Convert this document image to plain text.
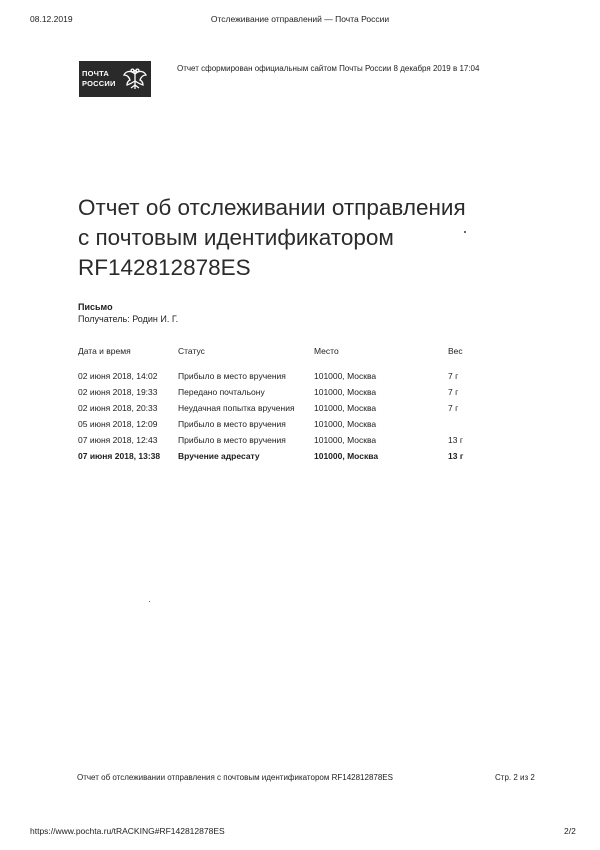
08.12.2019	Отслеживание отправлений — Почта России
ПОЧТА
РОССИИ
Отчет сформирован официальным сайтом Почты России 8 декабря 2019 в 17:04
Отчет об отслеживании отправления
с почтовым идентификатором
RF142812878ES
Письмо
Получатель: Родин И. Г.
Дата и время	Статус	Место	Вес
02 июня 2018, 14:02	Прибыло в место вручения	101000, Москва	7 г
02 июня 2018, 19:33	Передано почтальону	101000, Москва	7 г
02 июня 2018, 20:33	Неудачная попытка вручения	101000, Москва	7 г
05 июня 2018, 12:09	Прибыло в место вручения	101000, Москва	
07 июня 2018, 12:43	Прибыло в место вручения	101000, Москва	13 г
07 июня 2018, 13:38	Вручение адресату	101000, Москва	13 г
Отчет об отслеживании отправления с почтовым идентификатором RF142812878ES	Стр. 2 из 2
https://www.pochta.ru/tRACKING#RF142812878ES	2/2
